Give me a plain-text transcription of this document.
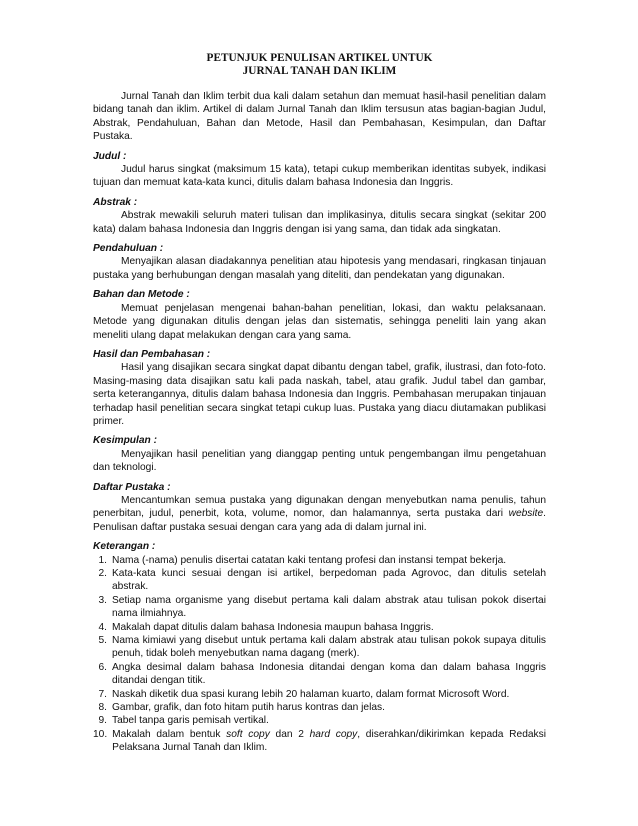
PETUNJUK PENULISAN ARTIKEL UNTUK
JURNAL TANAH DAN IKLIM

Jurnal Tanah dan Iklim terbit dua kali dalam setahun dan memuat hasil-hasil penelitian dalam bidang tanah dan iklim. Artikel di dalam Jurnal Tanah dan Iklim tersusun atas bagian-bagian Judul, Abstrak, Pendahuluan, Bahan dan Metode, Hasil dan Pembahasan, Kesimpulan, dan Daftar Pustaka.

Judul :

Judul harus singkat (maksimum 15 kata), tetapi cukup memberikan identitas subyek, indikasi tujuan dan memuat kata-kata kunci, ditulis dalam bahasa Indonesia dan Inggris.

Abstrak :

Abstrak mewakili seluruh materi tulisan dan implikasinya, ditulis secara singkat (sekitar 200 kata) dalam bahasa Indonesia dan Inggris dengan isi yang sama, dan tidak ada singkatan.

Pendahuluan :

Menyajikan alasan diadakannya penelitian atau hipotesis yang mendasari, ringkasan tinjauan pustaka yang berhubungan dengan masalah yang diteliti, dan pendekatan yang digunakan.

Bahan dan Metode :

Memuat penjelasan mengenai bahan-bahan penelitian, lokasi, dan waktu pelaksanaan. Metode yang digunakan ditulis dengan jelas dan sistematis, sehingga peneliti lain yang akan meneliti ulang dapat melakukan dengan cara yang sama.

Hasil dan Pembahasan :

Hasil yang disajikan secara singkat dapat dibantu dengan tabel, grafik, ilustrasi, dan foto-foto. Masing-masing data disajikan satu kali pada naskah, tabel, atau grafik. Judul tabel dan gambar, serta keterangannya, ditulis dalam bahasa Indonesia dan Inggris. Pembahasan merupakan tinjauan terhadap hasil penelitian secara singkat tetapi cukup luas. Pustaka yang diacu diutamakan publikasi primer.

Kesimpulan :

Menyajikan hasil penelitian yang dianggap penting untuk pengembangan ilmu pengetahuan dan teknologi.

Daftar Pustaka :

Mencantumkan semua pustaka yang digunakan dengan menyebutkan nama penulis, tahun penerbitan, judul, penerbit, kota, volume, nomor, dan halamannya, serta pustaka dari website. Penulisan daftar pustaka sesuai dengan cara yang ada di dalam jurnal ini.

Keterangan :
1. Nama (-nama) penulis disertai catatan kaki tentang profesi dan instansi tempat bekerja.
2. Kata-kata kunci sesuai dengan isi artikel, berpedoman pada Agrovoc, dan ditulis setelah abstrak.
3. Setiap nama organisme yang disebut pertama kali dalam abstrak atau tulisan pokok disertai nama ilmiahnya.
4. Makalah dapat ditulis dalam bahasa Indonesia maupun bahasa Inggris.
5. Nama kimiawi yang disebut untuk pertama kali dalam abstrak atau tulisan pokok supaya ditulis penuh, tidak boleh menyebutkan nama dagang (merk).
6. Angka desimal dalam bahasa Indonesia ditandai dengan koma dan dalam bahasa Inggris ditandai dengan titik.
7. Naskah diketik dua spasi kurang lebih 20 halaman kuarto, dalam format Microsoft Word.
8. Gambar, grafik, dan foto hitam putih harus kontras dan jelas.
9. Tabel tanpa garis pemisah vertikal.
10. Makalah dalam bentuk soft copy dan 2 hard copy, diserahkan/dikirimkan kepada Redaksi Pelaksana Jurnal Tanah dan Iklim.
